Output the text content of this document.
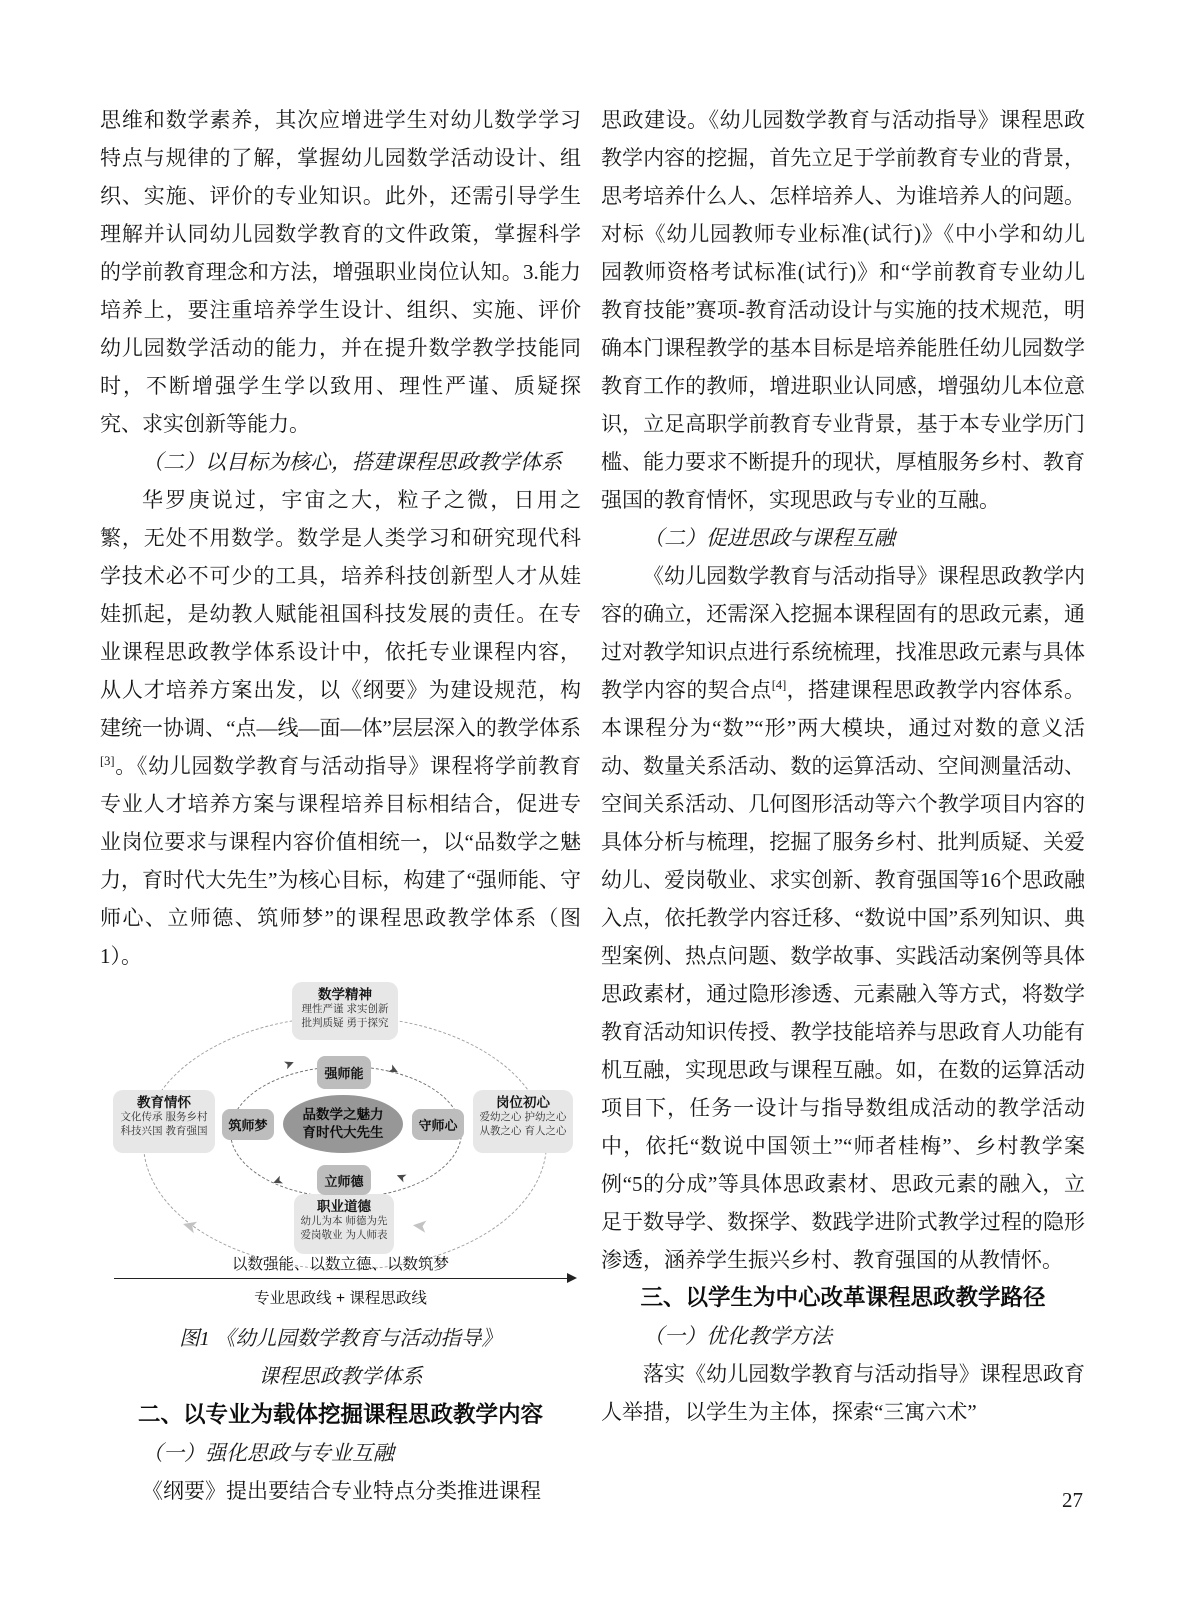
思维和数学素养，其次应增进学生对幼儿数学学习特点与规律的了解，掌握幼儿园数学活动设计、组织、实施、评价的专业知识。此外，还需引导学生理解并认同幼儿园数学教育的文件政策，掌握科学的学前教育理念和方法，增强职业岗位认知。3.能力培养上，要注重培养学生设计、组织、实施、评价幼儿园数学活动的能力，并在提升数学教学技能同时，不断增强学生学以致用、理性严谨、质疑探究、求实创新等能力。

（二）以目标为核心，搭建课程思政教学体系

华罗庚说过，宇宙之大，粒子之微，日用之繁，无处不用数学。数学是人类学习和研究现代科学技术必不可少的工具，培养科技创新型人才从娃娃抓起，是幼教人赋能祖国科技发展的责任。在专业课程思政教学体系设计中，依托专业课程内容，从人才培养方案出发，以《纲要》为建设规范，构建统一协调、“点—线—面—体”层层深入的教学体系[3]。《幼儿园数学教育与活动指导》课程将学前教育专业人才培养方案与课程培养目标相结合，促进专业岗位要求与课程内容价值相统一，以“品数学之魅力，育时代大先生”为核心目标，构建了“强师能、守师心、立师德、筑师梦”的课程思政教学体系（图1）。

数学精神
理性严谨 求实创新
批判质疑 勇于探究
教育情怀
文化传承 服务乡村
科技兴国 教育强国
岗位初心
爱幼之心 护幼之心
从教之心 育人之心
职业道德
幼儿为本 师德为先
爱岗敬业 为人师表
强师能
守师心
立师德
筑师梦
品数学之魅力
育时代大先生
➤	➤
➤
➤
➤	➤
以数强能、以数立德、以数筑梦
专业思政线 + 课程思政线

图1 《幼儿园数学教育与活动指导》

课程思政教学体系

二、以专业为载体挖掘课程思政教学内容

（一）强化思政与专业互融

《纲要》提出要结合专业特点分类推进课程

思政建设。《幼儿园数学教育与活动指导》课程思政教学内容的挖掘，首先立足于学前教育专业的背景，思考培养什么人、怎样培养人、为谁培养人的问题。对标《幼儿园教师专业标准(试行)》《中小学和幼儿园教师资格考试标准(试行)》和“学前教育专业幼儿教育技能”赛项-教育活动设计与实施的技术规范，明确本门课程教学的基本目标是培养能胜任幼儿园数学教育工作的教师，增进职业认同感，增强幼儿本位意识，立足高职学前教育专业背景，基于本专业学历门槛、能力要求不断提升的现状，厚植服务乡村、教育强国的教育情怀，实现思政与专业的互融。

（二）促进思政与课程互融

《幼儿园数学教育与活动指导》课程思政教学内容的确立，还需深入挖掘本课程固有的思政元素，通过对教学知识点进行系统梳理，找准思政元素与具体教学内容的契合点[4]，搭建课程思政教学内容体系。本课程分为“数”“形”两大模块，通过对数的意义活动、数量关系活动、数的运算活动、空间测量活动、空间关系活动、几何图形活动等六个教学项目内容的具体分析与梳理，挖掘了服务乡村、批判质疑、关爱幼儿、爱岗敬业、求实创新、教育强国等16个思政融入点，依托教学内容迁移、“数说中国”系列知识、典型案例、热点问题、数学故事、实践活动案例等具体思政素材，通过隐形渗透、元素融入等方式，将数学教育活动知识传授、教学技能培养与思政育人功能有机互融，实现思政与课程互融。如，在数的运算活动项目下，任务一设计与指导数组成活动的教学活动中，依托“数说中国领土”“师者桂梅”、乡村教学案例“5的分成”等具体思政素材、思政元素的融入，立足于数导学、数探学、数践学进阶式教学过程的隐形渗透，涵养学生振兴乡村、教育强国的从教情怀。

三、以学生为中心改革课程思政教学路径

（一）优化教学方法

落实《幼儿园数学教育与活动指导》课程思政育人举措，以学生为主体，探索“三寓六术”

27
